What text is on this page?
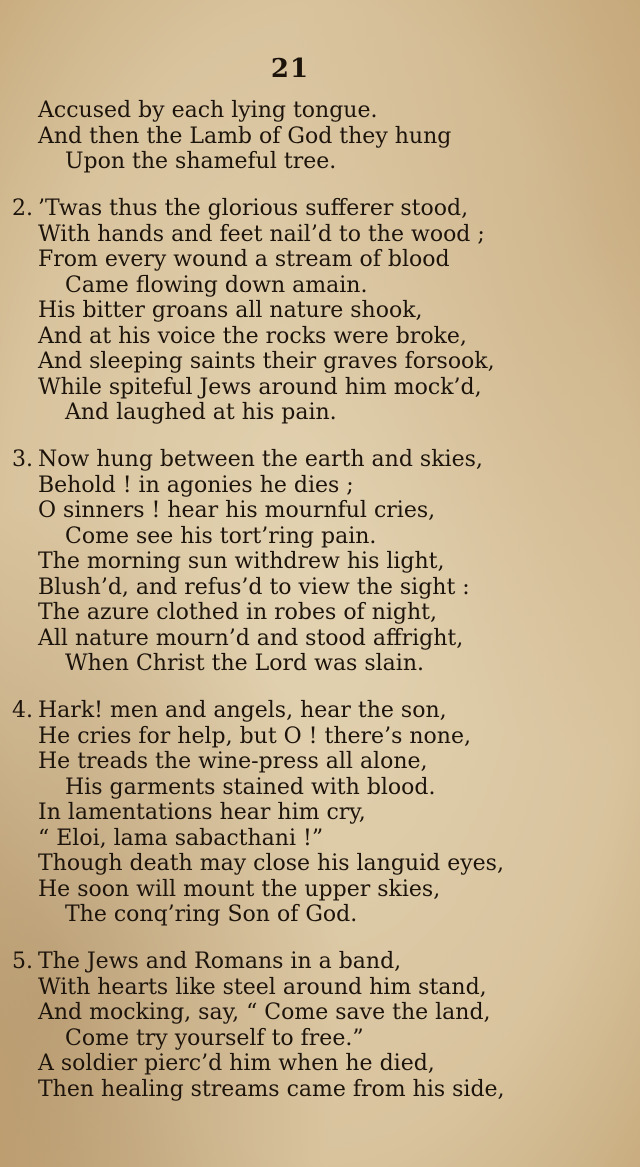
21
Accused by each lying tongue.
And then the Lamb of God they hung
Upon the shameful tree.
2. ’Twas thus the glorious sufferer stood,
With hands and feet nail’d to the wood ;
From every wound a stream of blood
Came flowing down amain.
His bitter groans all nature shook,
And at his voice the rocks were broke,
And sleeping saints their graves forsook,
While spiteful Jews around him mock’d,
And laughed at his pain.
3. Now hung between the earth and skies,
Behold ! in agonies he dies ;
O sinners ! hear his mournful cries,
Come see his tort’ring pain.
The morning sun withdrew his light,
Blush’d, and refus’d to view the sight :
The azure clothed in robes of night,
All nature mourn’d and stood affright,
When Christ the Lord was slain.
4. Hark! men and angels, hear the son,
He cries for help, but O ! there’s none,
He treads the wine-press all alone,
His garments stained with blood.
In lamentations hear him cry,
“ Eloi, lama sabacthani !”
Though death may close his languid eyes,
He soon will mount the upper skies,
The conq’ring Son of God.
5. The Jews and Romans in a band,
With hearts like steel around him stand,
And mocking, say, “ Come save the land,
Come try yourself to free.”
A soldier pierc’d him when he died,
Then healing streams came from his side,
